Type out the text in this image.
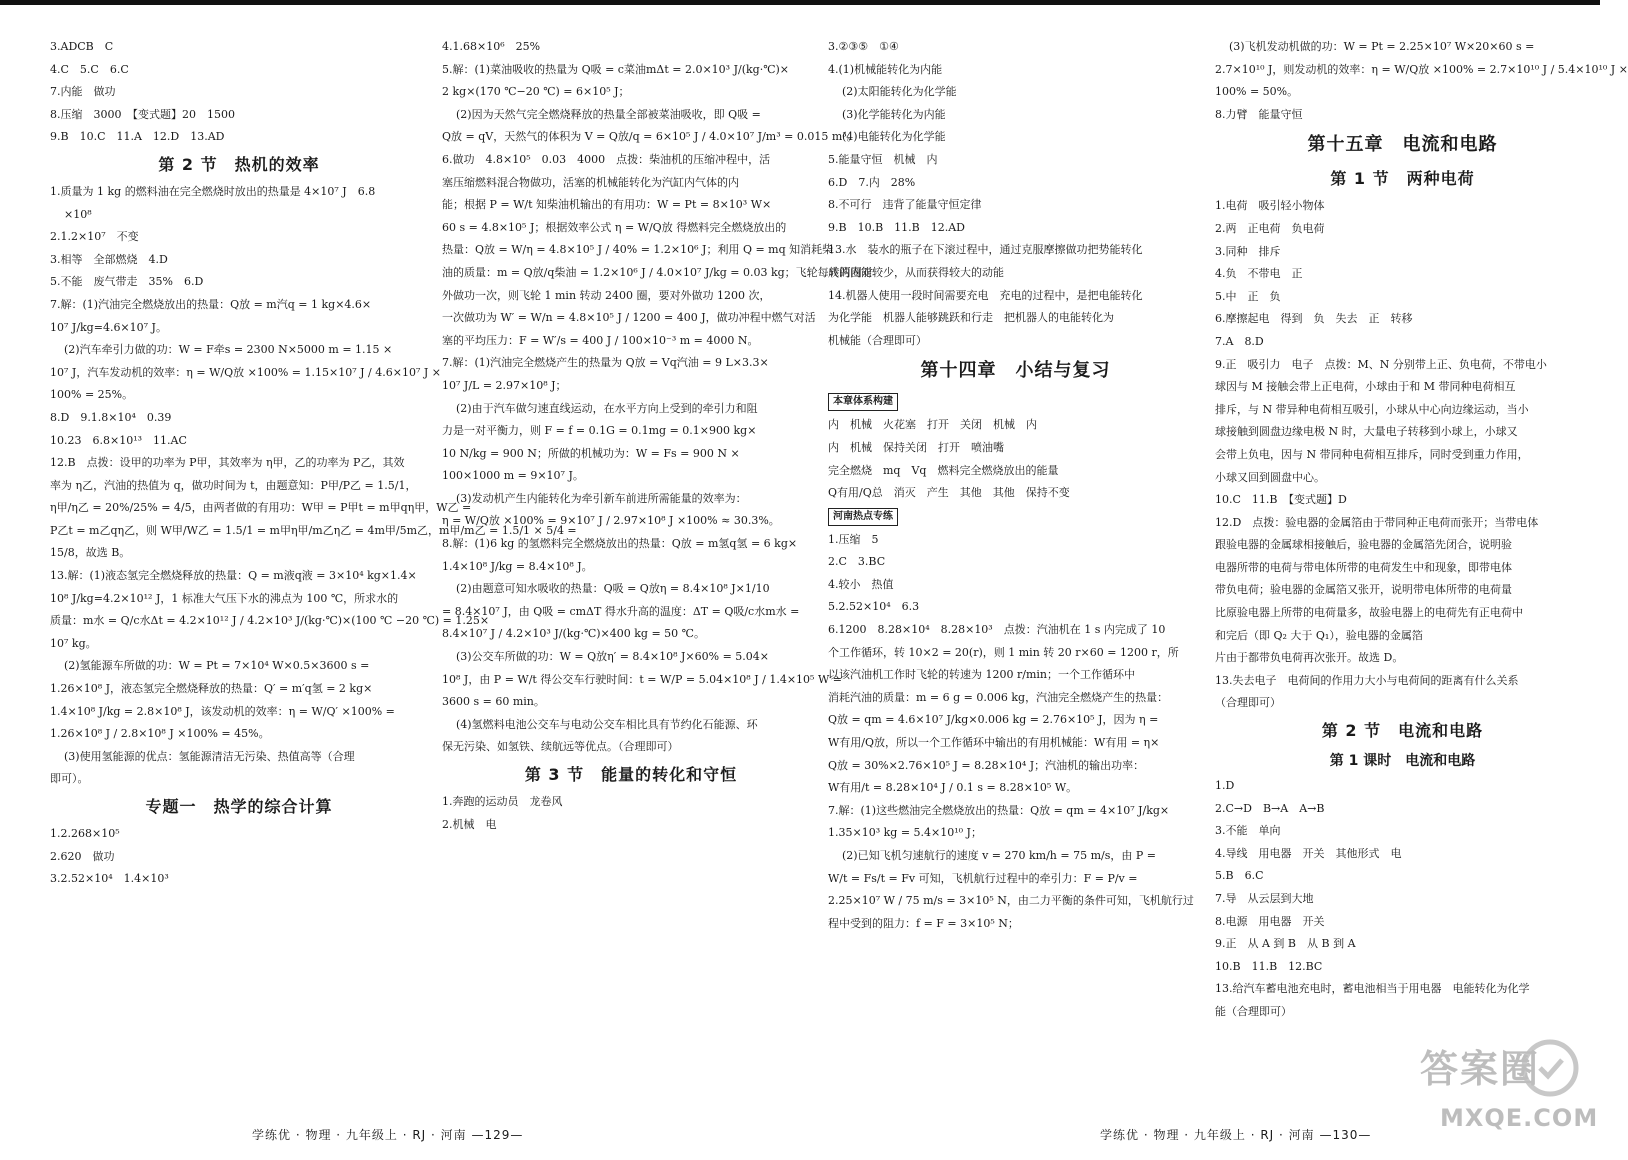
3.ADCB　C
4.C　5.C　6.C
7.内能　做功
8.压缩　3000　【变式题】20　1500
9.B　10.C　11.A　12.D　13.AD
第 2 节　热机的效率
1.质量为 1 kg 的燃料油在完全燃烧时放出的热量是 4×10⁷ J　6.8
×10⁸
2.1.2×10⁷　不变
3.相等　全部燃烧　4.D
5.不能　废气带走　35%　6.D
7.解：(1)汽油完全燃烧放出的热量：Q放 = m汽q = 1 kg×4.6×
10⁷ J/kg=4.6×10⁷ J。
(2)汽车牵引力做的功：W = F牵s = 2300 N×5000 m = 1.15 ×
10⁷ J，汽车发动机的效率：η = W/Q放 ×100% = 1.15×10⁷ J / 4.6×10⁷ J ×
100% = 25%。
8.D　9.1.8×10⁴　0.39
10.23　6.8×10¹³　11.AC
12.B　点拨：设甲的功率为 P甲，其效率为 η甲，乙的功率为 P乙，其效
率为 η乙，汽油的热值为 q，做功时间为 t，由题意知：P甲/P乙 = 1.5/1，
η甲/η乙 = 20%/25% = 4/5，由两者做的有用功：W甲 = P甲t = m甲qη甲，W乙 =
P乙t = m乙qη乙，则 W甲/W乙 = 1.5/1 = m甲η甲/m乙η乙 = 4m甲/5m乙，m甲/m乙 = 1.5/1 × 5/4 =
15/8，故选 B。
13.解：(1)液态氢完全燃烧释放的热量：Q = m液q液 = 3×10⁴ kg×1.4×
10⁸ J/kg=4.2×10¹² J，1 标准大气压下水的沸点为 100 ℃，所求水的
质量：m水 = Q/c水Δt = 4.2×10¹² J / 4.2×10³ J/(kg·℃)×(100 ℃ −20 ℃) = 1.25×
10⁷ kg。
(2)氢能源车所做的功：W = Pt = 7×10⁴ W×0.5×3600 s =
1.26×10⁸ J，液态氢完全燃烧释放的热量：Q′ = m′q氢 = 2 kg×
1.4×10⁸ J/kg = 2.8×10⁸ J，该发动机的效率：η = W/Q′ ×100% =
1.26×10⁸ J / 2.8×10⁸ J ×100% = 45%。
(3)使用氢能源的优点：氢能源清洁无污染、热值高等（合理
即可）。
专题一　热学的综合计算
1.2.268×10⁵
2.620　做功
3.2.52×10⁴　1.4×10³
4.1.68×10⁶　25%
5.解：(1)菜油吸收的热量为 Q吸 = c菜油mΔt = 2.0×10³ J/(kg·℃)×
2 kg×(170 ℃−20 ℃) = 6×10⁵ J；
(2)因为天然气完全燃烧释放的热量全部被菜油吸收，即 Q吸 =
Q放 = qV，天然气的体积为 V = Q放/q = 6×10⁵ J / 4.0×10⁷ J/m³ = 0.015 m³。
6.做功　4.8×10⁵　0.03　4000　点拨：柴油机的压缩冲程中，活
塞压缩燃料混合物做功，活塞的机械能转化为汽缸内气体的内
能；根据 P = W/t 知柴油机输出的有用功：W = Pt = 8×10³ W×
60 s = 4.8×10⁵ J；根据效率公式 η = W/Q放 得燃料完全燃烧放出的
热量：Q放 = W/η = 4.8×10⁵ J / 40% = 1.2×10⁶ J；利用 Q = mq 知消耗柴
油的质量：m = Q放/q柴油 = 1.2×10⁶ J / 4.0×10⁷ J/kg = 0.03 kg；飞轮每转两圈对
外做功一次，则飞轮 1 min 转动 2400 圈，要对外做功 1200 次，
一次做功为 W′ = W/n = 4.8×10⁵ J / 1200 = 400 J，做功冲程中燃气对活
塞的平均压力：F = W′/s = 400 J / 100×10⁻³ m = 4000 N。
7.解：(1)汽油完全燃烧产生的热量为 Q放 = Vq汽油 = 9 L×3.3×
10⁷ J/L = 2.97×10⁸ J；
(2)由于汽车做匀速直线运动，在水平方向上受到的牵引力和阻
力是一对平衡力，则 F = f = 0.1G = 0.1mg = 0.1×900 kg×
10 N/kg = 900 N；所做的机械功为：W = Fs = 900 N ×
100×1000 m = 9×10⁷ J。
(3)发动机产生内能转化为牵引新车前进所需能量的效率为：
η = W/Q放 ×100% = 9×10⁷ J / 2.97×10⁸ J ×100% ≈ 30.3%。
8.解：(1)6 kg 的氢燃料完全燃烧放出的热量：Q放 = m氢q氢 = 6 kg×
1.4×10⁸ J/kg = 8.4×10⁸ J。
(2)由题意可知水吸收的热量：Q吸 = Q放η = 8.4×10⁸ J×1/10
= 8.4×10⁷ J，由 Q吸 = cmΔT 得水升高的温度：ΔT = Q吸/c水m水 =
8.4×10⁷ J / 4.2×10³ J/(kg·℃)×400 kg = 50 ℃。
(3)公交车所做的功：W = Q放η′ = 8.4×10⁸ J×60% = 5.04×
10⁸ J，由 P = W/t 得公交车行驶时间：t = W/P = 5.04×10⁸ J / 1.4×10⁵ W =
3600 s = 60 min。
(4)氢燃料电池公交车与电动公交车相比具有节约化石能源、环
保无污染、如氢铁、续航远等优点。（合理即可）
第 3 节　能量的转化和守恒
1.奔跑的运动员　龙卷风
2.机械　电
3.②③⑤　①④
4.(1)机械能转化为内能
(2)太阳能转化为化学能
(3)化学能转化为内能
(4)电能转化为化学能
5.能量守恒　机械　内
6.D　7.内　28%
8.不可行　违背了能量守恒定律
9.B　10.B　11.B　12.AD
13.水　装水的瓶子在下滚过程中，通过克服摩擦做功把势能转化
成的内能较少，从而获得较大的动能
14.机器人使用一段时间需要充电　充电的过程中，是把电能转化
为化学能　机器人能够跳跃和行走　把机器人的电能转化为
机械能（合理即可）
第十四章　小结与复习
本章体系构建
内　机械　火花塞　打开　关闭　机械　内
内　机械　保持关闭　打开　喷油嘴
完全燃烧　mq　Vq　燃料完全燃烧放出的能量
Q有用/Q总　消灭　产生　其他　其他　保持不变
河南热点专练
1.压缩　5
2.C　3.BC
4.较小　热值
5.2.52×10⁴　6.3
6.1200　8.28×10⁴　8.28×10³　点拨：汽油机在 1 s 内完成了 10
个工作循环，转 10×2 = 20(r)，则 1 min 转 20 r×60 = 1200 r，所
以该汽油机工作时飞轮的转速为 1200 r/min；一个工作循环中
消耗汽油的质量：m = 6 g = 0.006 kg，汽油完全燃烧产生的热量：
Q放 = qm = 4.6×10⁷ J/kg×0.006 kg = 2.76×10⁵ J，因为 η =
W有用/Q放，所以一个工作循环中输出的有用机械能：W有用 = η×
Q放 = 30%×2.76×10⁵ J = 8.28×10⁴ J；汽油机的输出功率：
W有用/t = 8.28×10⁴ J / 0.1 s = 8.28×10⁵ W。
7.解：(1)这些燃油完全燃烧放出的热量：Q放 = qm = 4×10⁷ J/kg×
1.35×10³ kg = 5.4×10¹⁰ J；
(2)已知飞机匀速航行的速度 v = 270 km/h = 75 m/s，由 P =
W/t = Fs/t = Fv 可知，飞机航行过程中的牵引力：F = P/v =
2.25×10⁷ W / 75 m/s = 3×10⁵ N，由二力平衡的条件可知，飞机航行过
程中受到的阻力：f = F = 3×10⁵ N；
(3)飞机发动机做的功：W = Pt = 2.25×10⁷ W×20×60 s =
2.7×10¹⁰ J，则发动机的效率：η = W/Q放 ×100% = 2.7×10¹⁰ J / 5.4×10¹⁰ J ×
100% = 50%。
8.力臂　能量守恒
第十五章　电流和电路
第 1 节　两种电荷
1.电荷　吸引轻小物体
2.两　正电荷　负电荷
3.同种　排斥
4.负　不带电　正
5.中　正　负
6.摩擦起电　得到　负　失去　正　转移
7.A　8.D
9.正　吸引力　电子　点拨：M、N 分别带上正、负电荷，不带电小
球因与 M 接触会带上正电荷，小球由于和 M 带同种电荷相互
排斥，与 N 带异种电荷相互吸引，小球从中心向边缘运动，当小
球接触到圆盘边缘电极 N 时，大量电子转移到小球上，小球又
会带上负电，因与 N 带同种电荷相互排斥，同时受到重力作用，
小球又回到圆盘中心。
10.C　11.B　【变式题】D
12.D　点拨：验电器的金属箔由于带同种正电荷而张开；当带电体
跟验电器的金属球相接触后，验电器的金属箔先闭合，说明验
电器所带的电荷与带电体所带的电荷发生中和现象，即带电体
带负电荷；验电器的金属箔又张开，说明带电体所带的电荷量
比原验电器上所带的电荷量多，故验电器上的电荷先有正电荷中
和完后（即 Q₂ 大于 Q₁），验电器的金属箔
片由于都带负电荷再次张开。故选 D。
13.失去电子　电荷间的作用力大小与电荷间的距离有什么关系
（合理即可）
第 2 节　电流和电路
第 1 课时　电流和电路
1.D
2.C→D　B→A　A→B
3.不能　单向
4.导线　用电器　开关　其他形式　电
5.B　6.C
7.导　从云层到大地
8.电源　用电器　开关
9.正　从 A 到 B　从 B 到 A
10.B　11.B　12.BC
13.给汽车蓄电池充电时，蓄电池相当于用电器　电能转化为化学
能（合理即可）
学练优 · 物理 · 九年级上 · RJ · 河南 —129—	学练优 · 物理 · 九年级上 · RJ · 河南 —130—
答案圈
MXQE.COM
